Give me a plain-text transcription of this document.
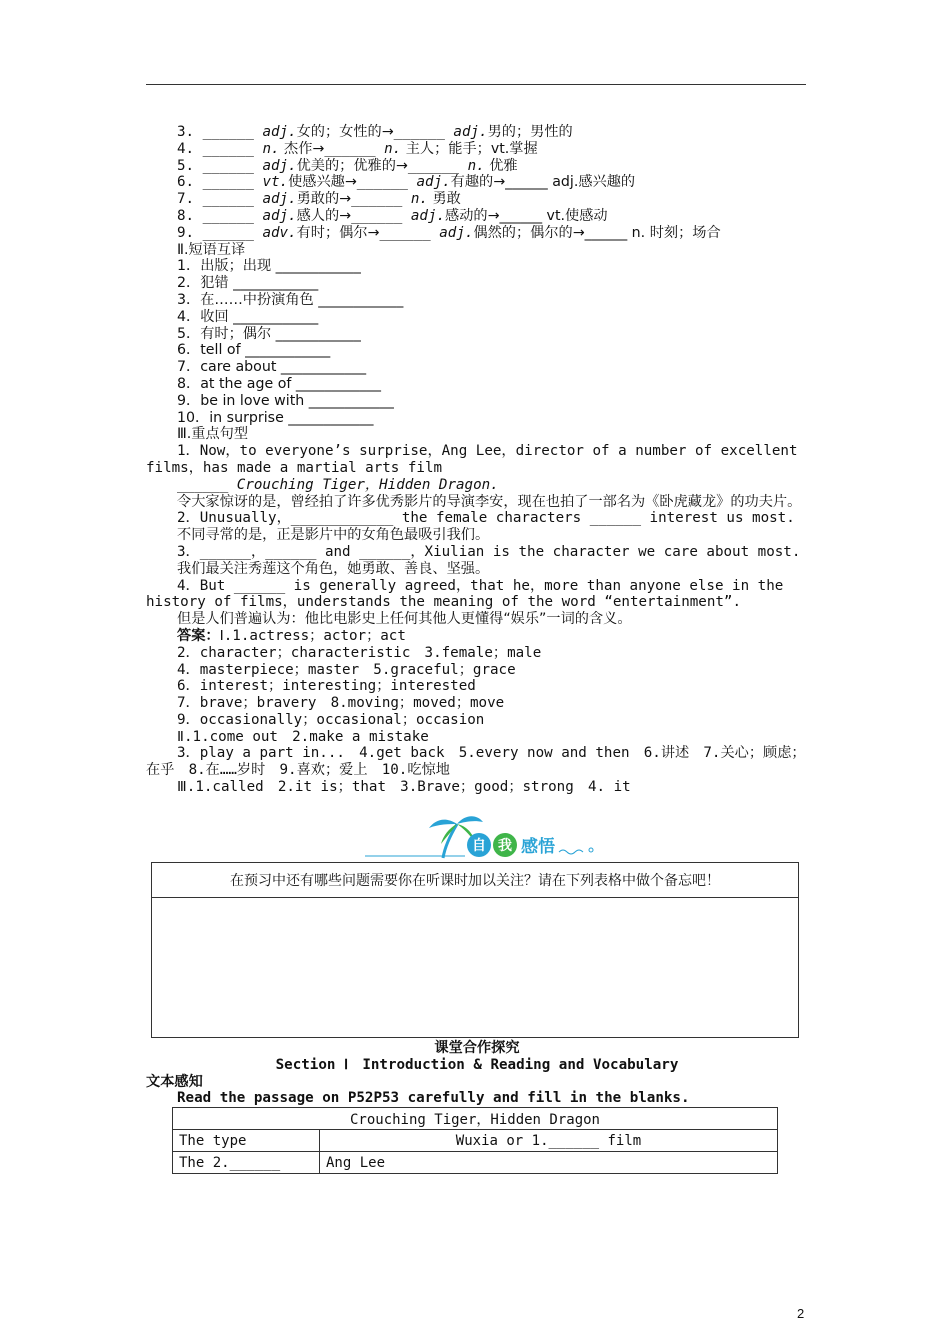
3. ______ adj.女的；女性的→______ adj.男的；男性的
4. ______ n. 杰作→______ n. 主人；能手；vt.掌握
5. ______ adj.优美的；优雅的→______ n. 优雅
6. ______ vt.使感兴趣→______ adj.有趣的→______ adj.感兴趣的
7. ______ adj.勇敢的→______ n. 勇敢
8. ______ adj.感人的→______ adj.感动的→______ vt.使感动
9. ______ adv.有时；偶尔→______ adj.偶然的；偶尔的→______ n. 时刻；场合
Ⅱ.短语互译
1．出版；出现 ____________
2．犯错 ____________
3．在……中扮演角色 ____________
4．收回 ____________
5．有时；偶尔 ____________
6．tell of ____________
7．care about ____________
8．at the age of ____________
9．be in love with ____________
10．in surprise ____________
Ⅲ.重点句型
1．Now，to everyone’s surprise，Ang Lee，director of a number of excellent films，has made a martial arts film
______ Crouching Tiger，Hidden Dragon.
令大家惊讶的是，曾经拍了许多优秀影片的导演李安，现在也拍了一部名为《卧虎藏龙》的功夫片。
2．Unusually，____________ the female characters ______ interest us most.
不同寻常的是，正是影片中的女角色最吸引我们。
3．______，______ and ______，Xiulian is the character we care about most.
我们最关注秀莲这个角色，她勇敢、善良、坚强。
4．But ______ is generally agreed，that he，more than anyone else in the history of films，understands the meaning of the word “entertainment”.
但是人们普遍认为：他比电影史上任何其他人更懂得“娱乐”一词的含义。
答案：Ⅰ.1.actress；actor；act
2．character；characteristic　3.female；male
4．masterpiece；master　5.graceful；grace
6．interest；interesting；interested
7．brave；bravery　8.moving；moved；move
9．occasionally；occasional；occasion
Ⅱ.1.come out　2.make a mistake
3．play a part in...　4.get back　5.every now and then　6.讲述　7.关心；顾虑；在乎　8.在……岁时　9.喜欢；爱上　10.吃惊地
Ⅲ.1.called　2.it is；that　3.Brave；good；strong　4. it
自 我 感悟
在预习中还有哪些问题需要你在听课时加以关注？请在下列表格中做个备忘吧！
课堂合作探究
Section Ⅰ　Introduction & Reading and Vocabulary
文本感知
Read the passage on P52P53 carefully and fill in the blanks.
Crouching Tiger，Hidden Dragon	
The type	Wuxia or 1.______ film
The 2.______	Ang Lee
2
